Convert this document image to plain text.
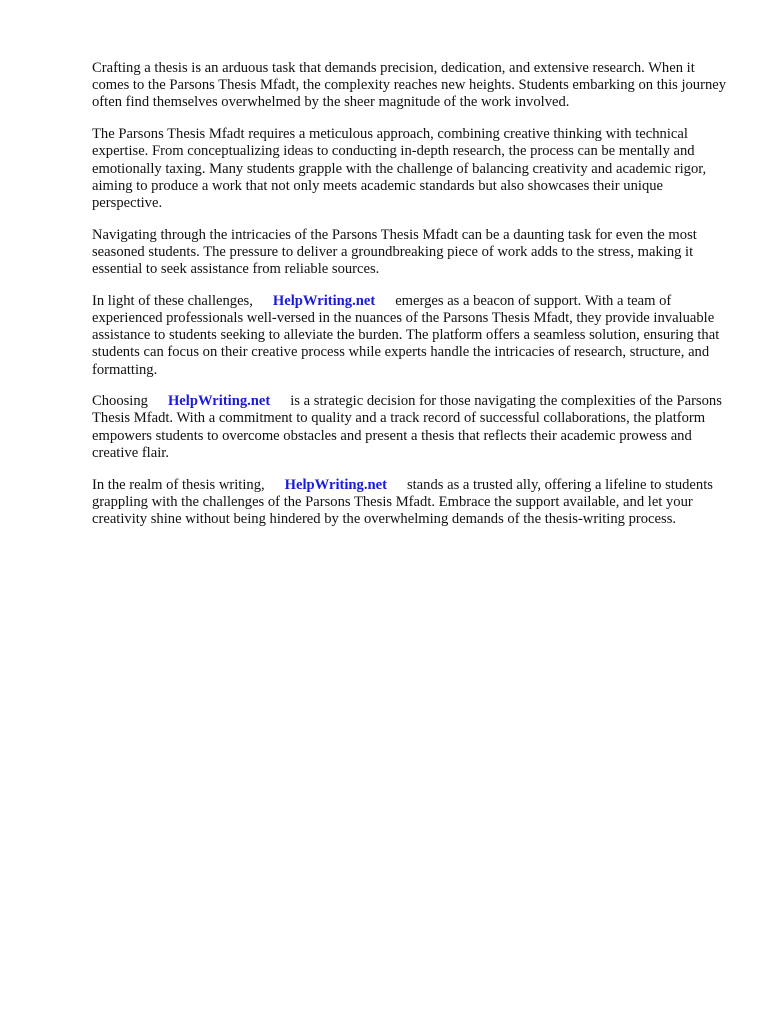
Crafting a thesis is an arduous task that demands precision, dedication, and extensive research. When it comes to the Parsons Thesis Mfadt, the complexity reaches new heights. Students embarking on this journey often find themselves overwhelmed by the sheer magnitude of the work involved.

The Parsons Thesis Mfadt requires a meticulous approach, combining creative thinking with technical expertise. From conceptualizing ideas to conducting in-depth research, the process can be mentally and emotionally taxing. Many students grapple with the challenge of balancing creativity and academic rigor, aiming to produce a work that not only meets academic standards but also showcases their unique perspective.

Navigating through the intricacies of the Parsons Thesis Mfadt can be a daunting task for even the most seasoned students. The pressure to deliver a groundbreaking piece of work adds to the stress, making it essential to seek assistance from reliable sources.

In light of these challenges, HelpWriting.net emerges as a beacon of support. With a team of experienced professionals well-versed in the nuances of the Parsons Thesis Mfadt, they provide invaluable assistance to students seeking to alleviate the burden. The platform offers a seamless solution, ensuring that students can focus on their creative process while experts handle the intricacies of research, structure, and formatting.

Choosing HelpWriting.net is a strategic decision for those navigating the complexities of the Parsons Thesis Mfadt. With a commitment to quality and a track record of successful collaborations, the platform empowers students to overcome obstacles and present a thesis that reflects their academic prowess and creative flair.

In the realm of thesis writing, HelpWriting.net stands as a trusted ally, offering a lifeline to students grappling with the challenges of the Parsons Thesis Mfadt. Embrace the support available, and let your creativity shine without being hindered by the overwhelming demands of the thesis-writing process.
